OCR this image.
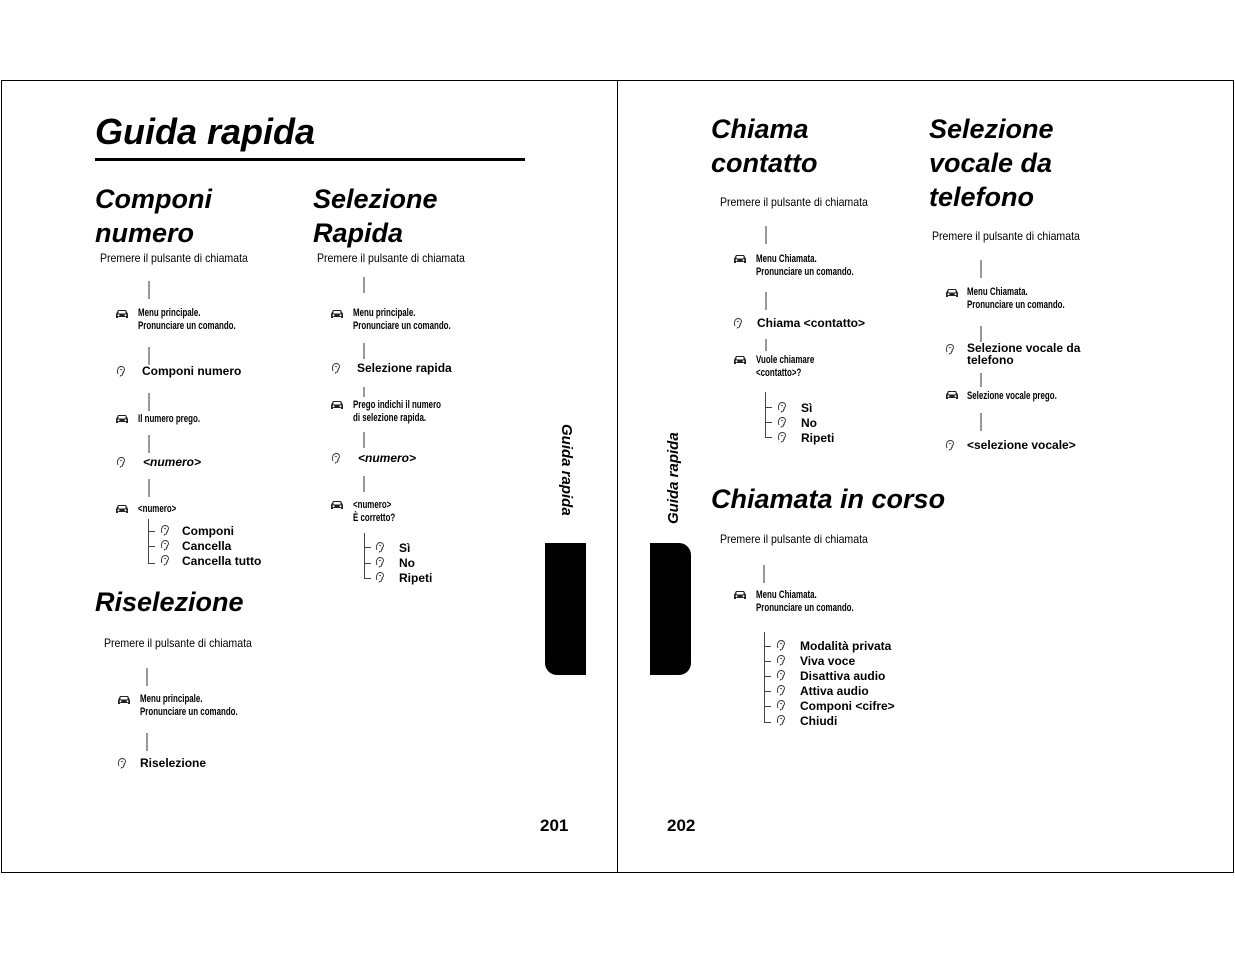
Guida rapida
Componi
numero
Premere il pulsante di chiamata
Menu principale.
Pronunciare un comando.
Componi numero
Il numero prego.
<numero>
<numero>
Componi
Cancella
Cancella tutto
Selezione
Rapida
Premere il pulsante di chiamata
Menu principale.
Pronunciare un comando.
Selezione rapida
Prego indichi il numero
di selezione rapida.
<numero>
<numero>
È corretto?
Sì
No
Ripeti
Riselezione
Premere il pulsante di chiamata
Menu principale.
Pronunciare un comando.
Riselezione
Guida rapida
201
Chiama
contatto
Premere il pulsante di chiamata
Menu Chiamata.
Pronunciare un comando.
Chiama <contatto>
Vuole chiamare
<contatto>?
Sì
No
Ripeti
Selezione
vocale da
telefono
Premere il pulsante di chiamata
Menu Chiamata.
Pronunciare un comando.
Selezione vocale da
telefono
Selezione vocale prego.
<selezione vocale>
Chiamata in corso
Premere il pulsante di chiamata
Menu Chiamata.
Pronunciare un comando.
Modalità privata
Viva voce
Disattiva audio
Attiva audio
Componi <cifre>
Chiudi
Guida rapida
202
